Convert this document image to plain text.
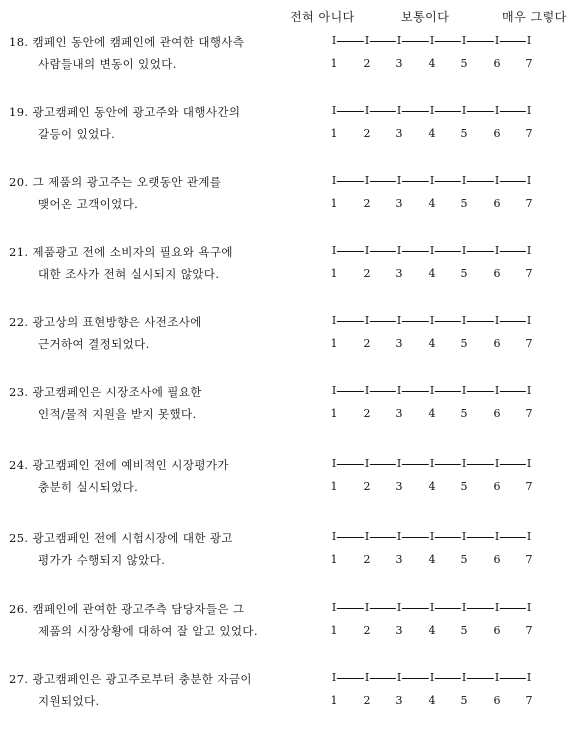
전혀 아니다	보통이다	매우 그렇다
18. 캠페인 동안에 캠페인에 관여한 대행사측
사람들내의 변동이 있었다.
I	I	I	I	I	I	I
1 2 3 4 5 6 7
19. 광고캠페인 동안에 광고주와 대행사간의
갈등이 있었다.
I	I	I	I	I	I	I
1 2 3 4 5 6 7
20. 그 제품의 광고주는 오랫동안 관계를
맺어온 고객이었다.
I	I	I	I	I	I	I
1 2 3 4 5 6 7
21. 제품광고 전에 소비자의 필요와 욕구에
대한 조사가 전혀 실시되지 않았다.
I	I	I	I	I	I	I
1 2 3 4 5 6 7
22. 광고상의 표현방향은 사전조사에
근거하여 결정되었다.
I	I	I	I	I	I	I
1 2 3 4 5 6 7
23. 광고캠페인은 시장조사에 필요한
인적/물적 지원을 받지 못했다.
I	I	I	I	I	I	I
1 2 3 4 5 6 7
24. 광고캠페인 전에 예비적인 시장평가가
충분히 실시되었다.
I	I	I	I	I	I	I
1 2 3 4 5 6 7
25. 광고캠페인 전에 시험시장에 대한 광고
평가가 수행되지 않았다.
I	I	I	I	I	I	I
1 2 3 4 5 6 7
26. 캠페인에 관여한 광고주측 담당자들은 그
제품의 시장상황에 대하여 잘 알고 있었다.
I	I	I	I	I	I	I
1 2 3 4 5 6 7
27. 광고캠페인은 광고주로부터 충분한 자금이
지원되었다.
I	I	I	I	I	I	I
1 2 3 4 5 6 7
